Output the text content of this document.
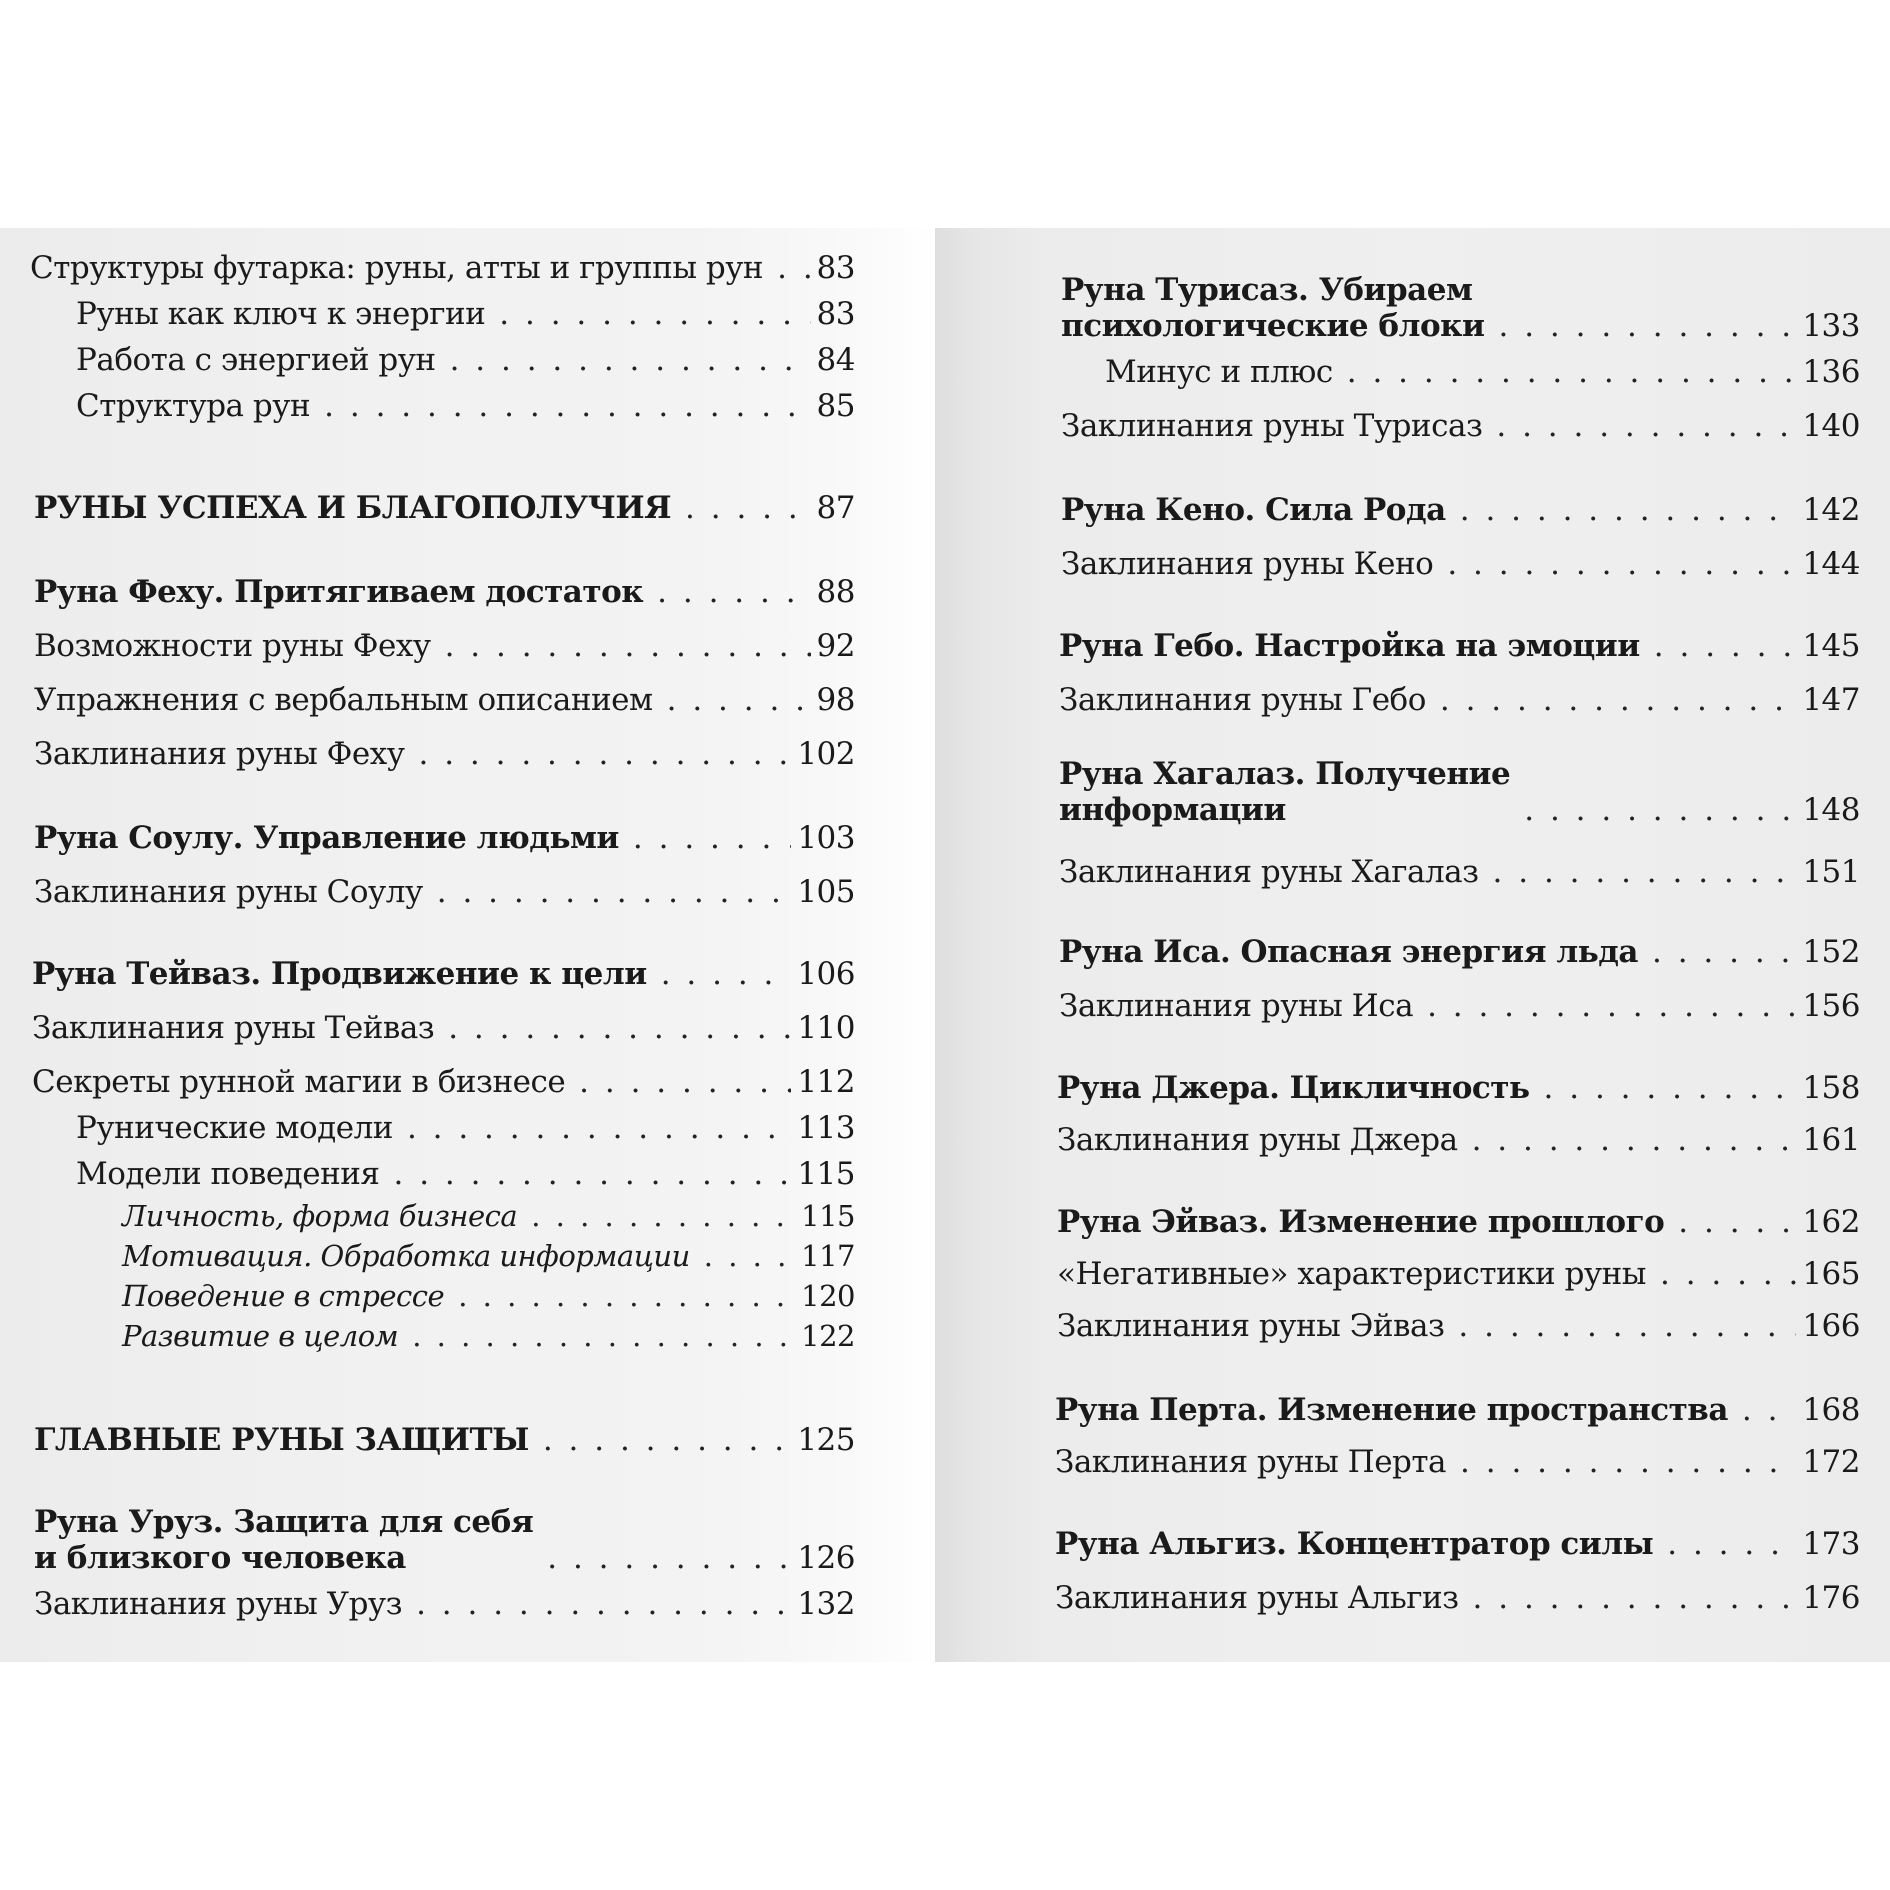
Структуры футарка: руны, атты и группы рун . . . 83
Руны как ключ к энергии . . .	83
Работа с энергией рун . . .	84
Структура рун . . .	85
РУНЫ УСПЕХА И БЛАГОПОЛУЧИЯ . . .	87
Руна Феху. Притягиваем достаток . . .	88
Возможности руны Феху . . .	92
Упражнения с вербальным описанием . . .	98
Заклинания руны Феху . . .	102
Руна Соулу. Управление людьми . . .	103
Заклинания руны Соулу . . .	105
Руна Тейваз. Продвижение к цели . . .	106
Заклинания руны Тейваз . . .	110
Секреты рунной магии в бизнесе . . .	112
Рунические модели . . .	113
Модели поведения . . .	115
Личность, форма бизнеса . . .	115
Мотивация. Обработка информации . . .	117
Поведение в стрессе . . .	120
Развитие в целом . . .	122
ГЛАВНЫЕ РУНЫ ЗАЩИТЫ . . .	125
Руна Уруз. Защита для себя
и близкого человека . . .	126
Заклинания руны Уруз . . .	132
Руна Турисаз. Убираем
психологические блоки . . .	133
Минус и плюс . . .	136
Заклинания руны Турисаз . . .	140
Руна Кено. Сила Рода . . .	142
Заклинания руны Кено . . .	144
Руна Гебо. Настройка на эмоции . . .	145
Заклинания руны Гебо . . .	147
Руна Хагалаз. Получение
информации . . .	148
Заклинания руны Хагалаз . . .	151
Руна Иса. Опасная энергия льда . . .	152
Заклинания руны Иса . . .	156
Руна Джера. Цикличность . . .	158
Заклинания руны Джера . . .	161
Руна Эйваз. Изменение прошлого . . .	162
«Негативные» характеристики руны . . .	165
Заклинания руны Эйваз . . .	166
Руна Перта. Изменение пространства . . . 168
Заклинания руны Перта . . .	172
Руна Альгиз. Концентратор силы . . .	173
Заклинания руны Альгиз . . .	176
